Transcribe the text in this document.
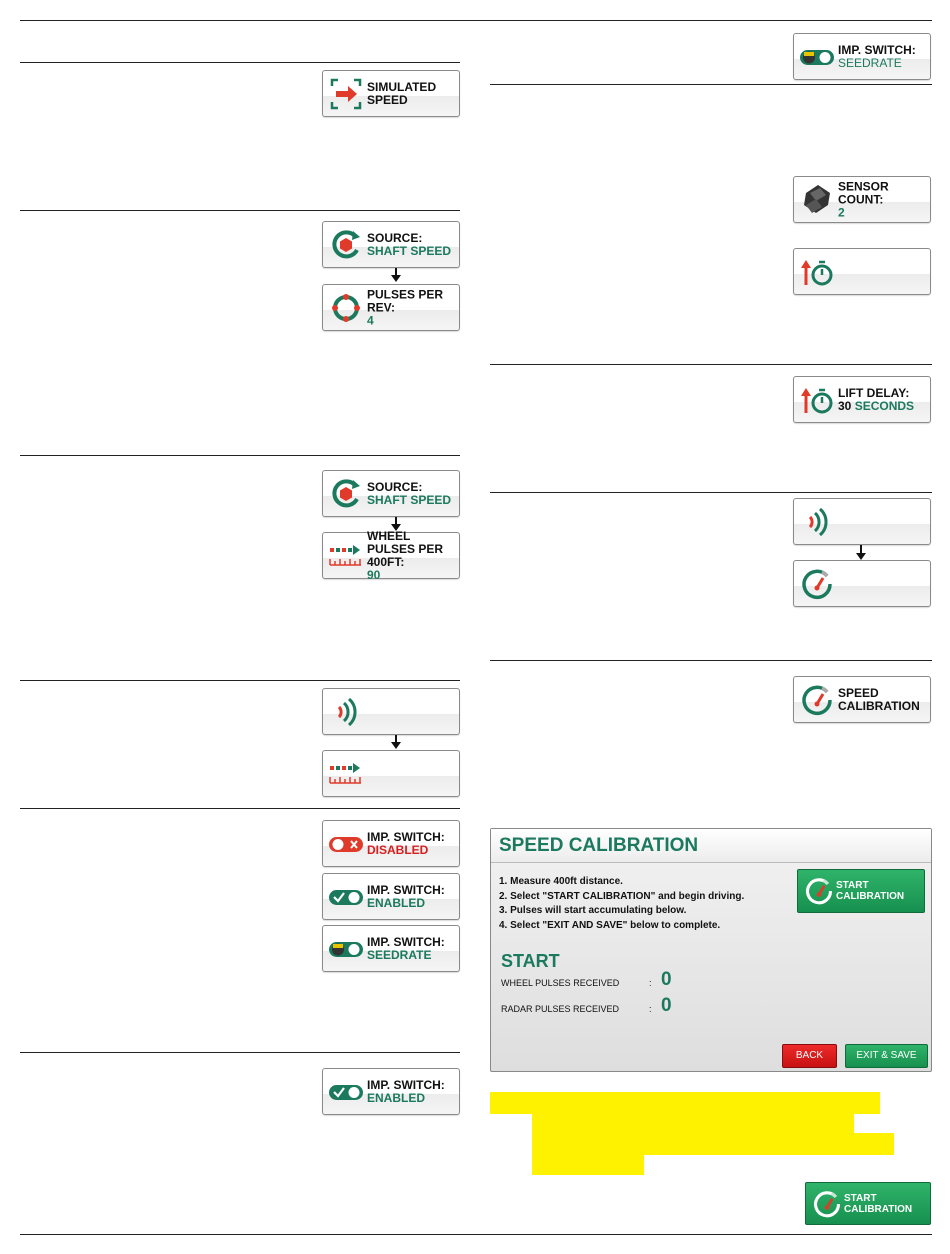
SIMULATED SPEED
SOURCE:
SHAFT SPEED
PULSES PER REV:
4
SOURCE:
SHAFT SPEED
WHEEL PULSES PER 400FT:
90
IMP. SWITCH:
DISABLED
IMP. SWITCH:
ENABLED
IMP. SWITCH:
SEEDRATE
IMP. SWITCH:
ENABLED
IMP. SWITCH:
SEEDRATE
SENSOR COUNT:
2
LIFT DELAY:
30 SECONDS
SPEED CALIBRATION
SPEED CALIBRATION
1. Measure 400ft distance.
2. Select "START CALIBRATION" and begin driving.
3. Pulses will start accumulating below.
4. Select "EXIT AND SAVE" below to complete.
START CALIBRATION
START
WHEEL PULSES RECEIVED	: 0
RADAR PULSES RECEIVED	: 0
BACK	EXIT & SAVE
START CALIBRATION
